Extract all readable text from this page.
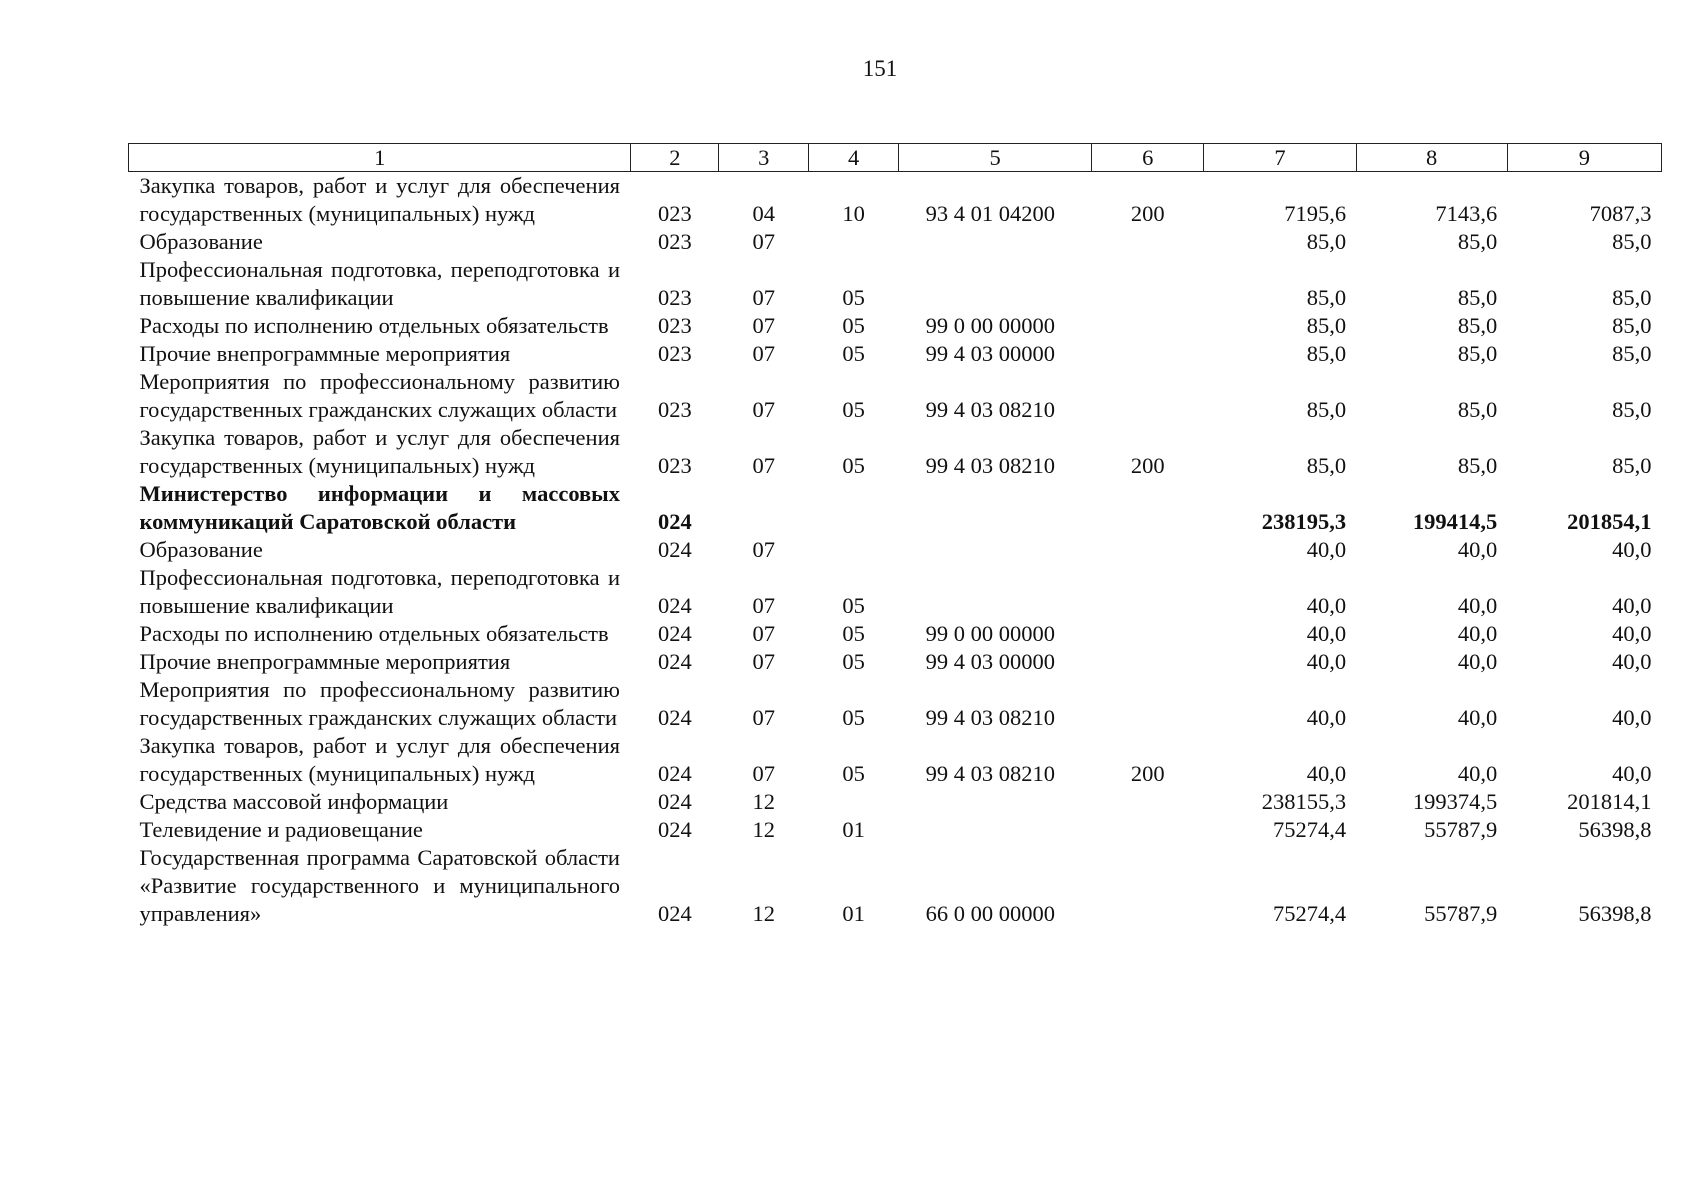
151
1	2	3	4	5	6	7	8	9
Закупка товаров, работ и услуг для обеспечения государственных (муниципальных) нужд	023	04	10	93 4 01 04200	200	7195,6	7143,6	7087,3
Образование	023	07				85,0	85,0	85,0
Профессиональная подготовка, переподготовка и повышение квалификации	023	07	05			85,0	85,0	85,0
Расходы по исполнению отдельных обязательств	023	07	05	99 0 00 00000		85,0	85,0	85,0
Прочие внепрограммные мероприятия	023	07	05	99 4 03 00000		85,0	85,0	85,0
Мероприятия по профессиональному развитию государственных гражданских служащих области	023	07	05	99 4 03 08210		85,0	85,0	85,0
Закупка товаров, работ и услуг для обеспечения государственных (муниципальных) нужд	023	07	05	99 4 03 08210	200	85,0	85,0	85,0
Министерство информации и массовых коммуникаций Саратовской области	024					238195,3	199414,5	201854,1
Образование	024	07				40,0	40,0	40,0
Профессиональная подготовка, переподготовка и повышение квалификации	024	07	05			40,0	40,0	40,0
Расходы по исполнению отдельных обязательств	024	07	05	99 0 00 00000		40,0	40,0	40,0
Прочие внепрограммные мероприятия	024	07	05	99 4 03 00000		40,0	40,0	40,0
Мероприятия по профессиональному развитию государственных гражданских служащих области	024	07	05	99 4 03 08210		40,0	40,0	40,0
Закупка товаров, работ и услуг для обеспечения государственных (муниципальных) нужд	024	07	05	99 4 03 08210	200	40,0	40,0	40,0
Средства массовой информации	024	12				238155,3	199374,5	201814,1
Телевидение и радиовещание	024	12	01			75274,4	55787,9	56398,8
Государственная программа Саратовской области «Развитие государственного и муниципального управления»	024	12	01	66 0 00 00000		75274,4	55787,9	56398,8
